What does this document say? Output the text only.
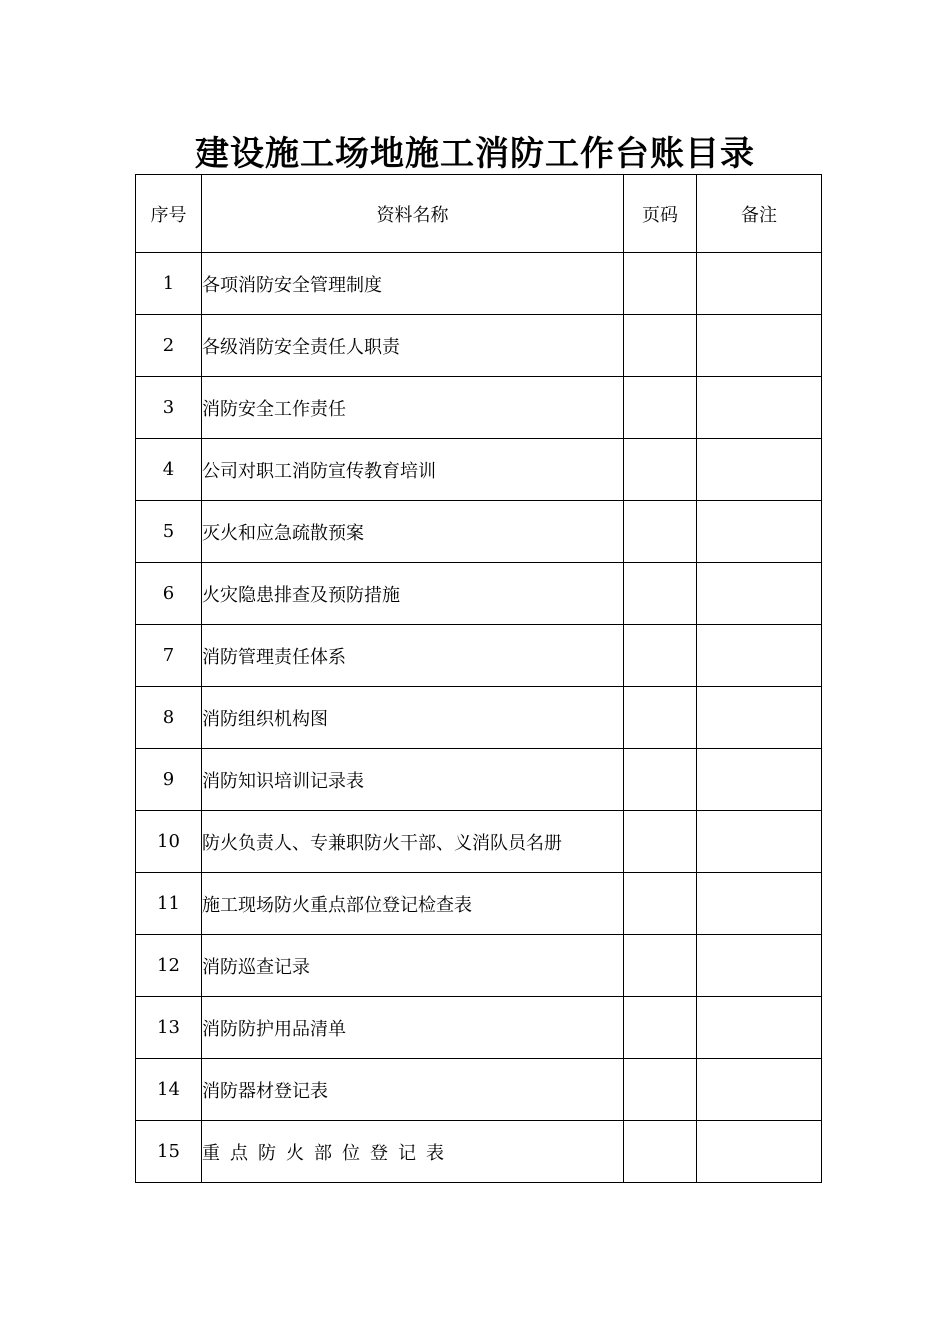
建设施工场地施工消防工作台账目录
序号	资料名称	页码	备注
1	各项消防安全管理制度		
2	各级消防安全责任人职责		
3	消防安全工作责任		
4	公司对职工消防宣传教育培训		
5	灭火和应急疏散预案		
6	火灾隐患排查及预防措施		
7	消防管理责任体系		
8	消防组织机构图		
9	消防知识培训记录表		
10	防火负责人、专兼职防火干部、义消队员名册		
11	施工现场防火重点部位登记检查表		
12	消防巡查记录		
13	消防防护用品清单		
14	消防器材登记表		
15	重点防火部位登记表		
